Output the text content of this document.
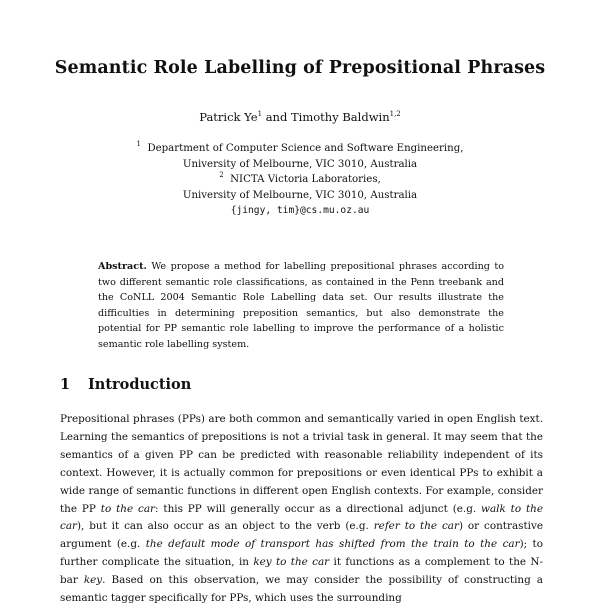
Semantic Role Labelling of Prepositional Phrases
Patrick Ye$^1$ and Timothy Baldwin$^{1,2}$
$^1$ Department of Computer Science and Software Engineering,
University of Melbourne, VIC 3010, Australia
$^2$ NICTA Victoria Laboratories,
University of Melbourne, VIC 3010, Australia
{jingy, tim}@cs.mu.oz.au

Abstract. We propose a method for labelling prepositional phrases according to two different semantic role classifications, as contained in the Penn treebank and the CoNLL 2004 Semantic Role Labelling data set. Our results illustrate the difficulties in determining preposition semantics, but also demonstrate the potential for PP semantic role labelling to improve the performance of a holistic semantic role labelling system.

1 Introduction

Prepositional phrases (PPs) are both common and semantically varied in open English text. Learning the semantics of prepositions is not a trivial task in general. It may seem that the semantics of a given PP can be predicted with reasonable reliability independent of its context. However, it is actually common for prepositions or even identical PPs to exhibit a wide range of semantic functions in different open English contexts. For example, consider the PP to the car: this PP will generally occur as a directional adjunct (e.g. walk to the car), but it can also occur as an object to the verb (e.g. refer to the car) or contrastive argument (e.g. the default mode of transport has shifted from the train to the car); to further complicate the situation, in key to the car it functions as a complement to the N-bar key. Based on this observation, we may consider the possibility of constructing a semantic tagger specifically for PPs, which uses the surrounding
